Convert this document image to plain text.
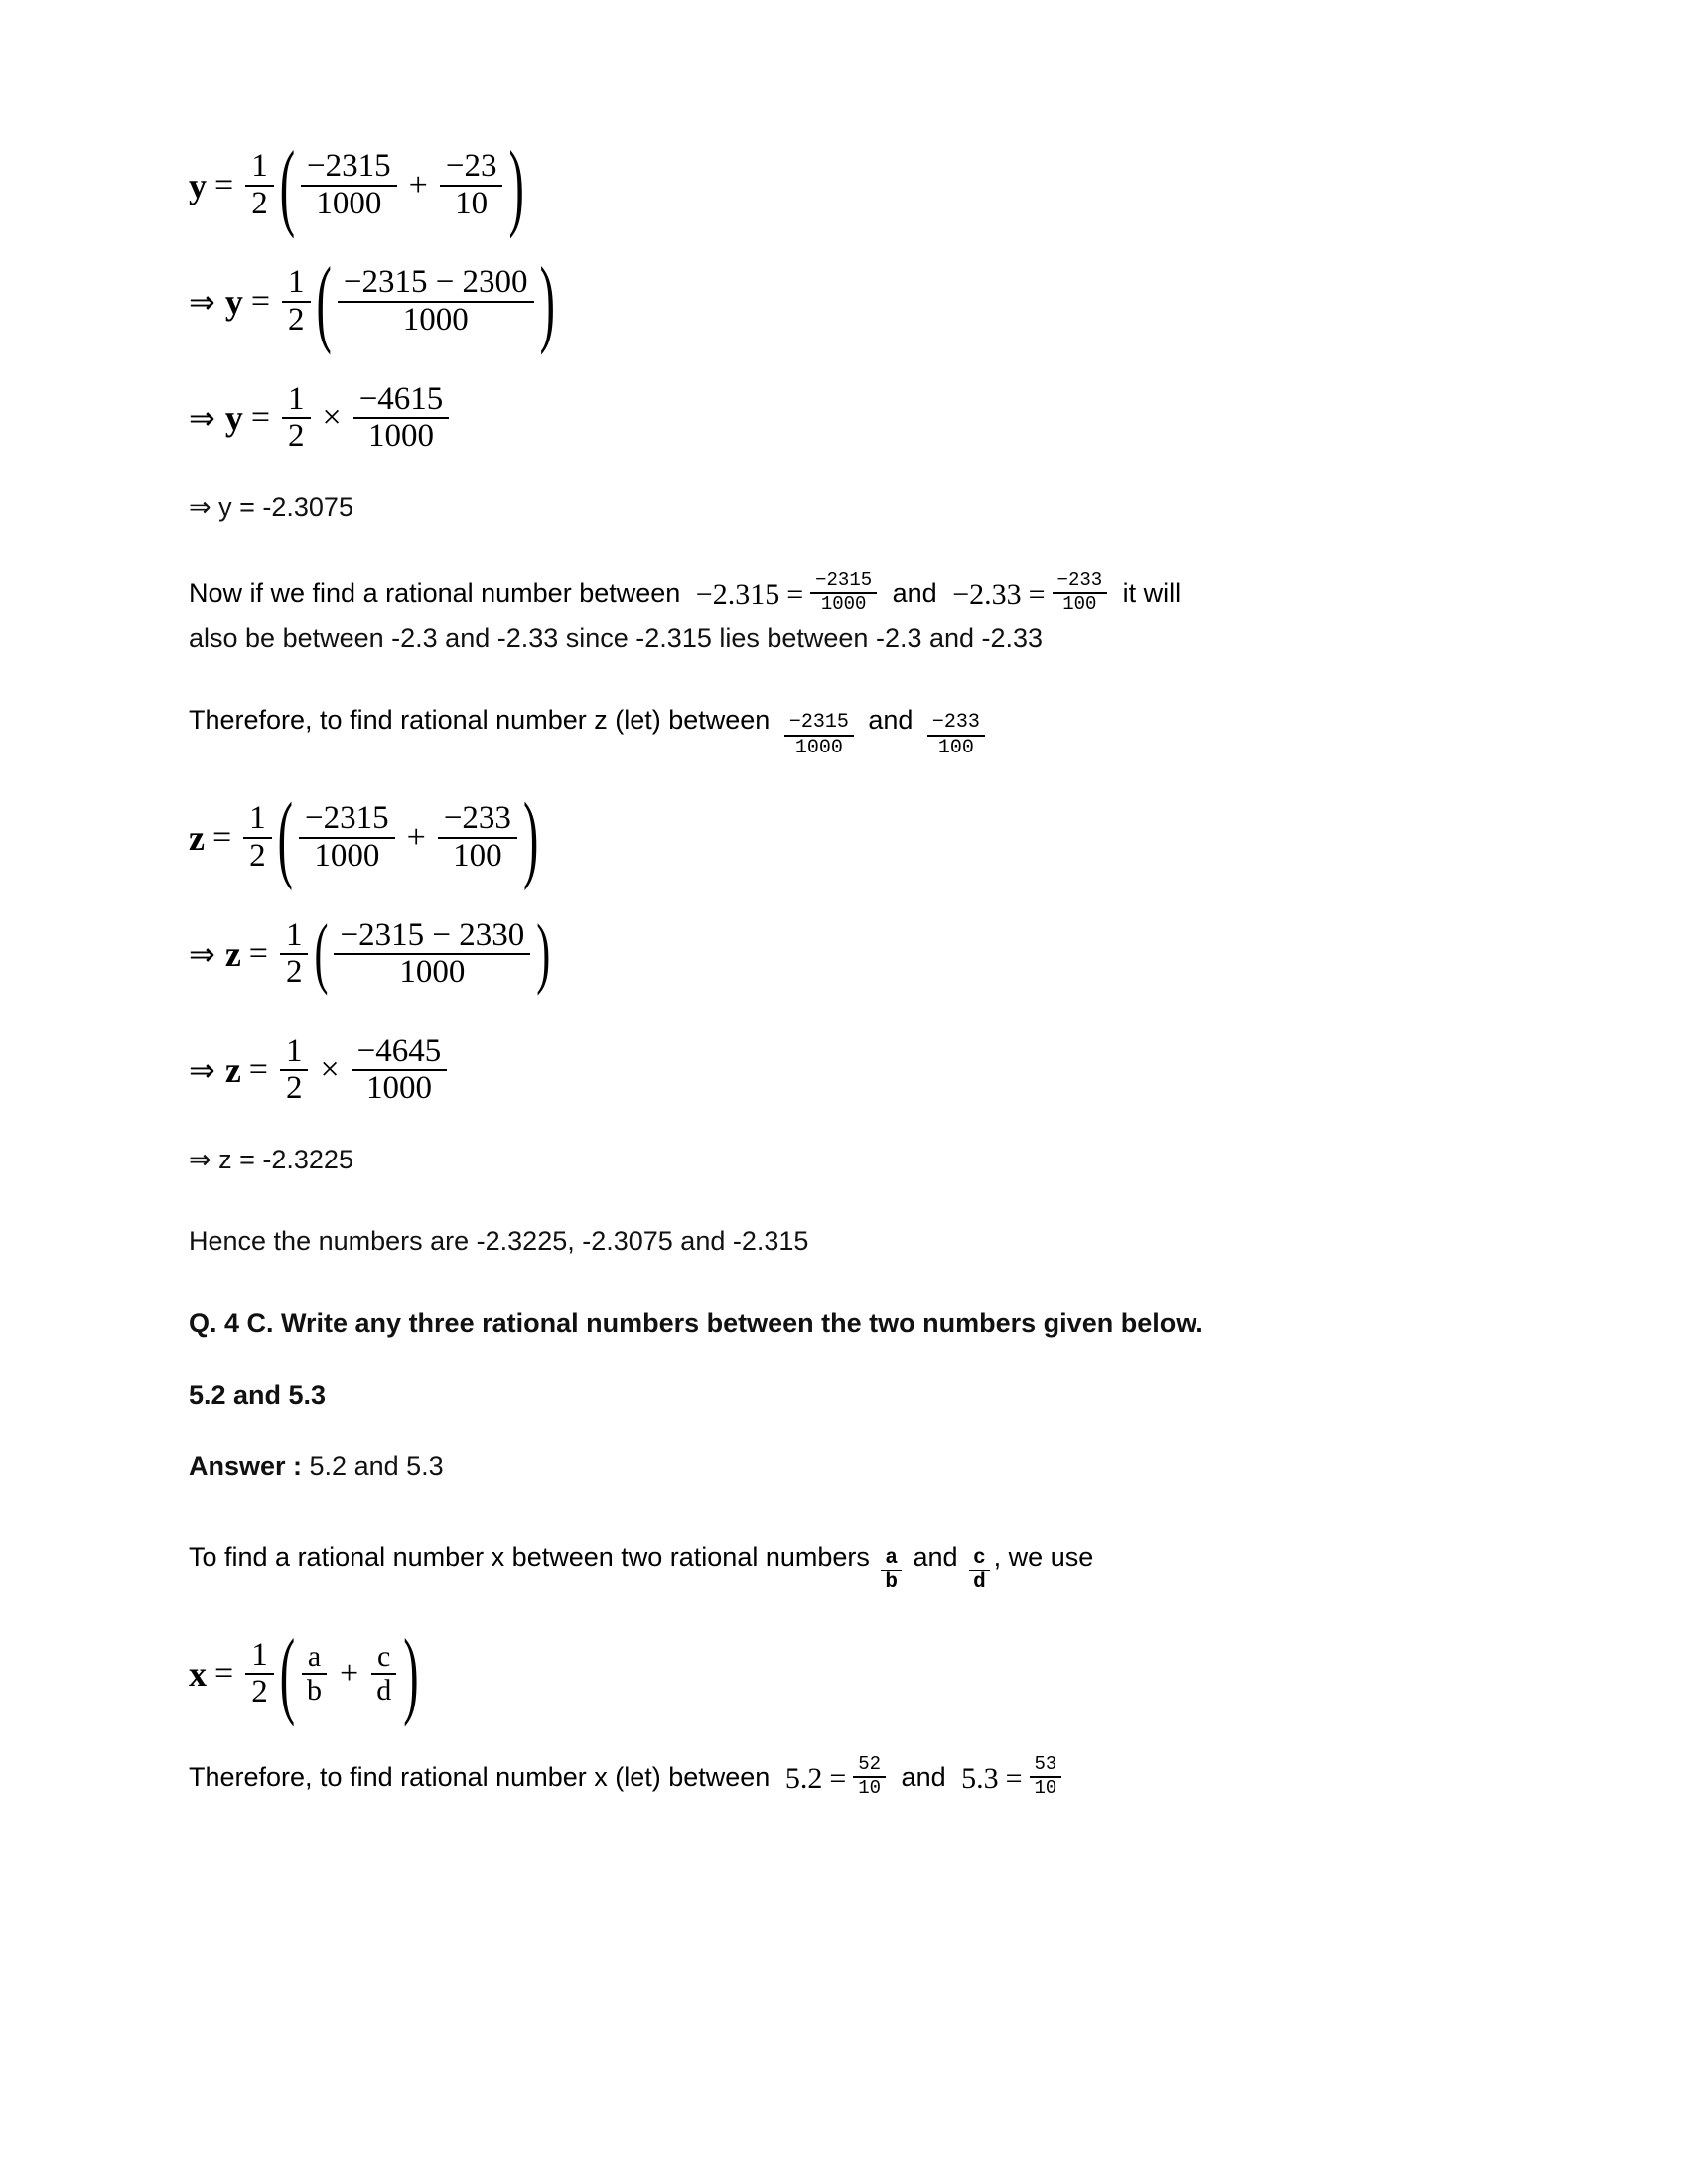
$y = \frac{1}{2}$ ( $\frac{-2315}{1000} + \frac{-23}{10}$ )
⇒ $y = \frac{1}{2}$ ( $\frac{-2315 - 2300}{1000}$ )
⇒ $y = \frac{1}{2} \times \frac{-4615}{1000}$

⇒ y = -2.3075

Now if we find a rational number between $-2.315 = \frac{-2315}{1000}$ and $-2.33 = \frac{-233}{100}$ it will

also be between -2.3 and -2.33 since -2.315 lies between -2.3 and -2.33

Therefore, to find rational number z (let) between $\frac{-2315}{1000}$ and $\frac{-233}{100}$
$z = \frac{1}{2}$ ( $\frac{-2315}{1000} + \frac{-233}{100}$ )
⇒ $z = \frac{1}{2}$ ( $\frac{-2315 - 2330}{1000}$ )
⇒ $z = \frac{1}{2} \times \frac{-4645}{1000}$

⇒ z = -2.3225

Hence the numbers are -2.3225, -2.3075 and -2.315

Q. 4 C. Write any three rational numbers between the two numbers given below.

5.2 and 5.3

Answer : 5.2 and 5.3

To find a rational number x between two rational numbers $\frac{a}{b}$ and $\frac{c}{d}$ , we use
$x = \frac{1}{2}$ ( $\frac{a}{b} + \frac{c}{d}$ )
Therefore, to find rational number x (let) between $5.2 = \frac{52}{10}$ and $5.3 = \frac{53}{10}$
